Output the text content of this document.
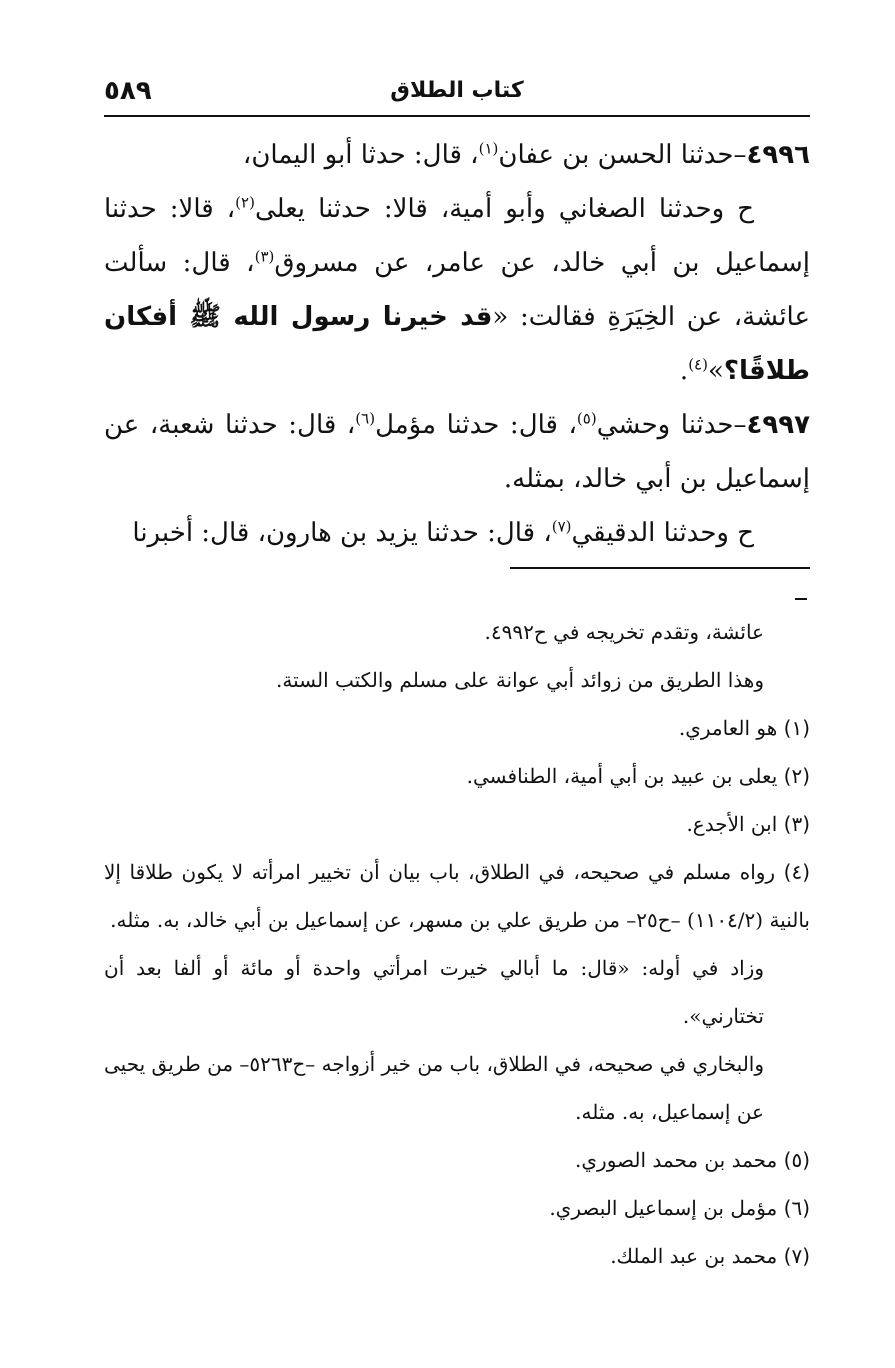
٥٨٩	كتاب الطلاق

٤٩٩٦–حدثنا الحسن بن عفان$^{(١)}$، قال: حدثا أبو اليمان،

ح وحدثنا الصغاني وأبو أمية، قالا: حدثنا يعلى$^{(٢)}$، قالا: حدثنا إسماعيل بن أبي خالد، عن عامر، عن مسروق$^{(٣)}$، قال: سألت عائشة، عن الخِيَرَةِ فقالت: «قد خيرنا رسول الله ﷺ أفكان طلاقًا؟»$^{(٤)}$.

٤٩٩٧–حدثنا وحشي$^{(٥)}$، قال: حدثنا مؤمل$^{(٦)}$، قال: حدثنا شعبة، عن إسماعيل بن أبي خالد، بمثله.

ح وحدثنا الدقيقي$^{(٧)}$، قال: حدثنا يزيد بن هارون، قال: أخبرنا

عائشة، وتقدم تخريجه في ح٤٩٩٢.

وهذا الطريق من زوائد أبي عوانة على مسلم والكتب الستة.

(١) هو العامري.

(٢) يعلى بن عبيد بن أبي أمية، الطنافسي.

(٣) ابن الأجدع.

(٤) رواه مسلم في صحيحه، في الطلاق، باب بيان أن تخيير امرأته لا يكون طلاقا إلا بالنية (١١٠٤/٢) –ح٢٥– من طريق علي بن مسهر، عن إسماعيل بن أبي خالد، به. مثله.

وزاد في أوله: «قال: ما أبالي خيرت امرأتي واحدة أو مائة أو ألفا بعد أن تختارني».

والبخاري في صحيحه، في الطلاق، باب من خير أزواجه –ح٥٢٦٣– من طريق يحيى عن إسماعيل، به. مثله.

(٥) محمد بن محمد الصوري.

(٦) مؤمل بن إسماعيل البصري.

(٧) محمد بن عبد الملك.
